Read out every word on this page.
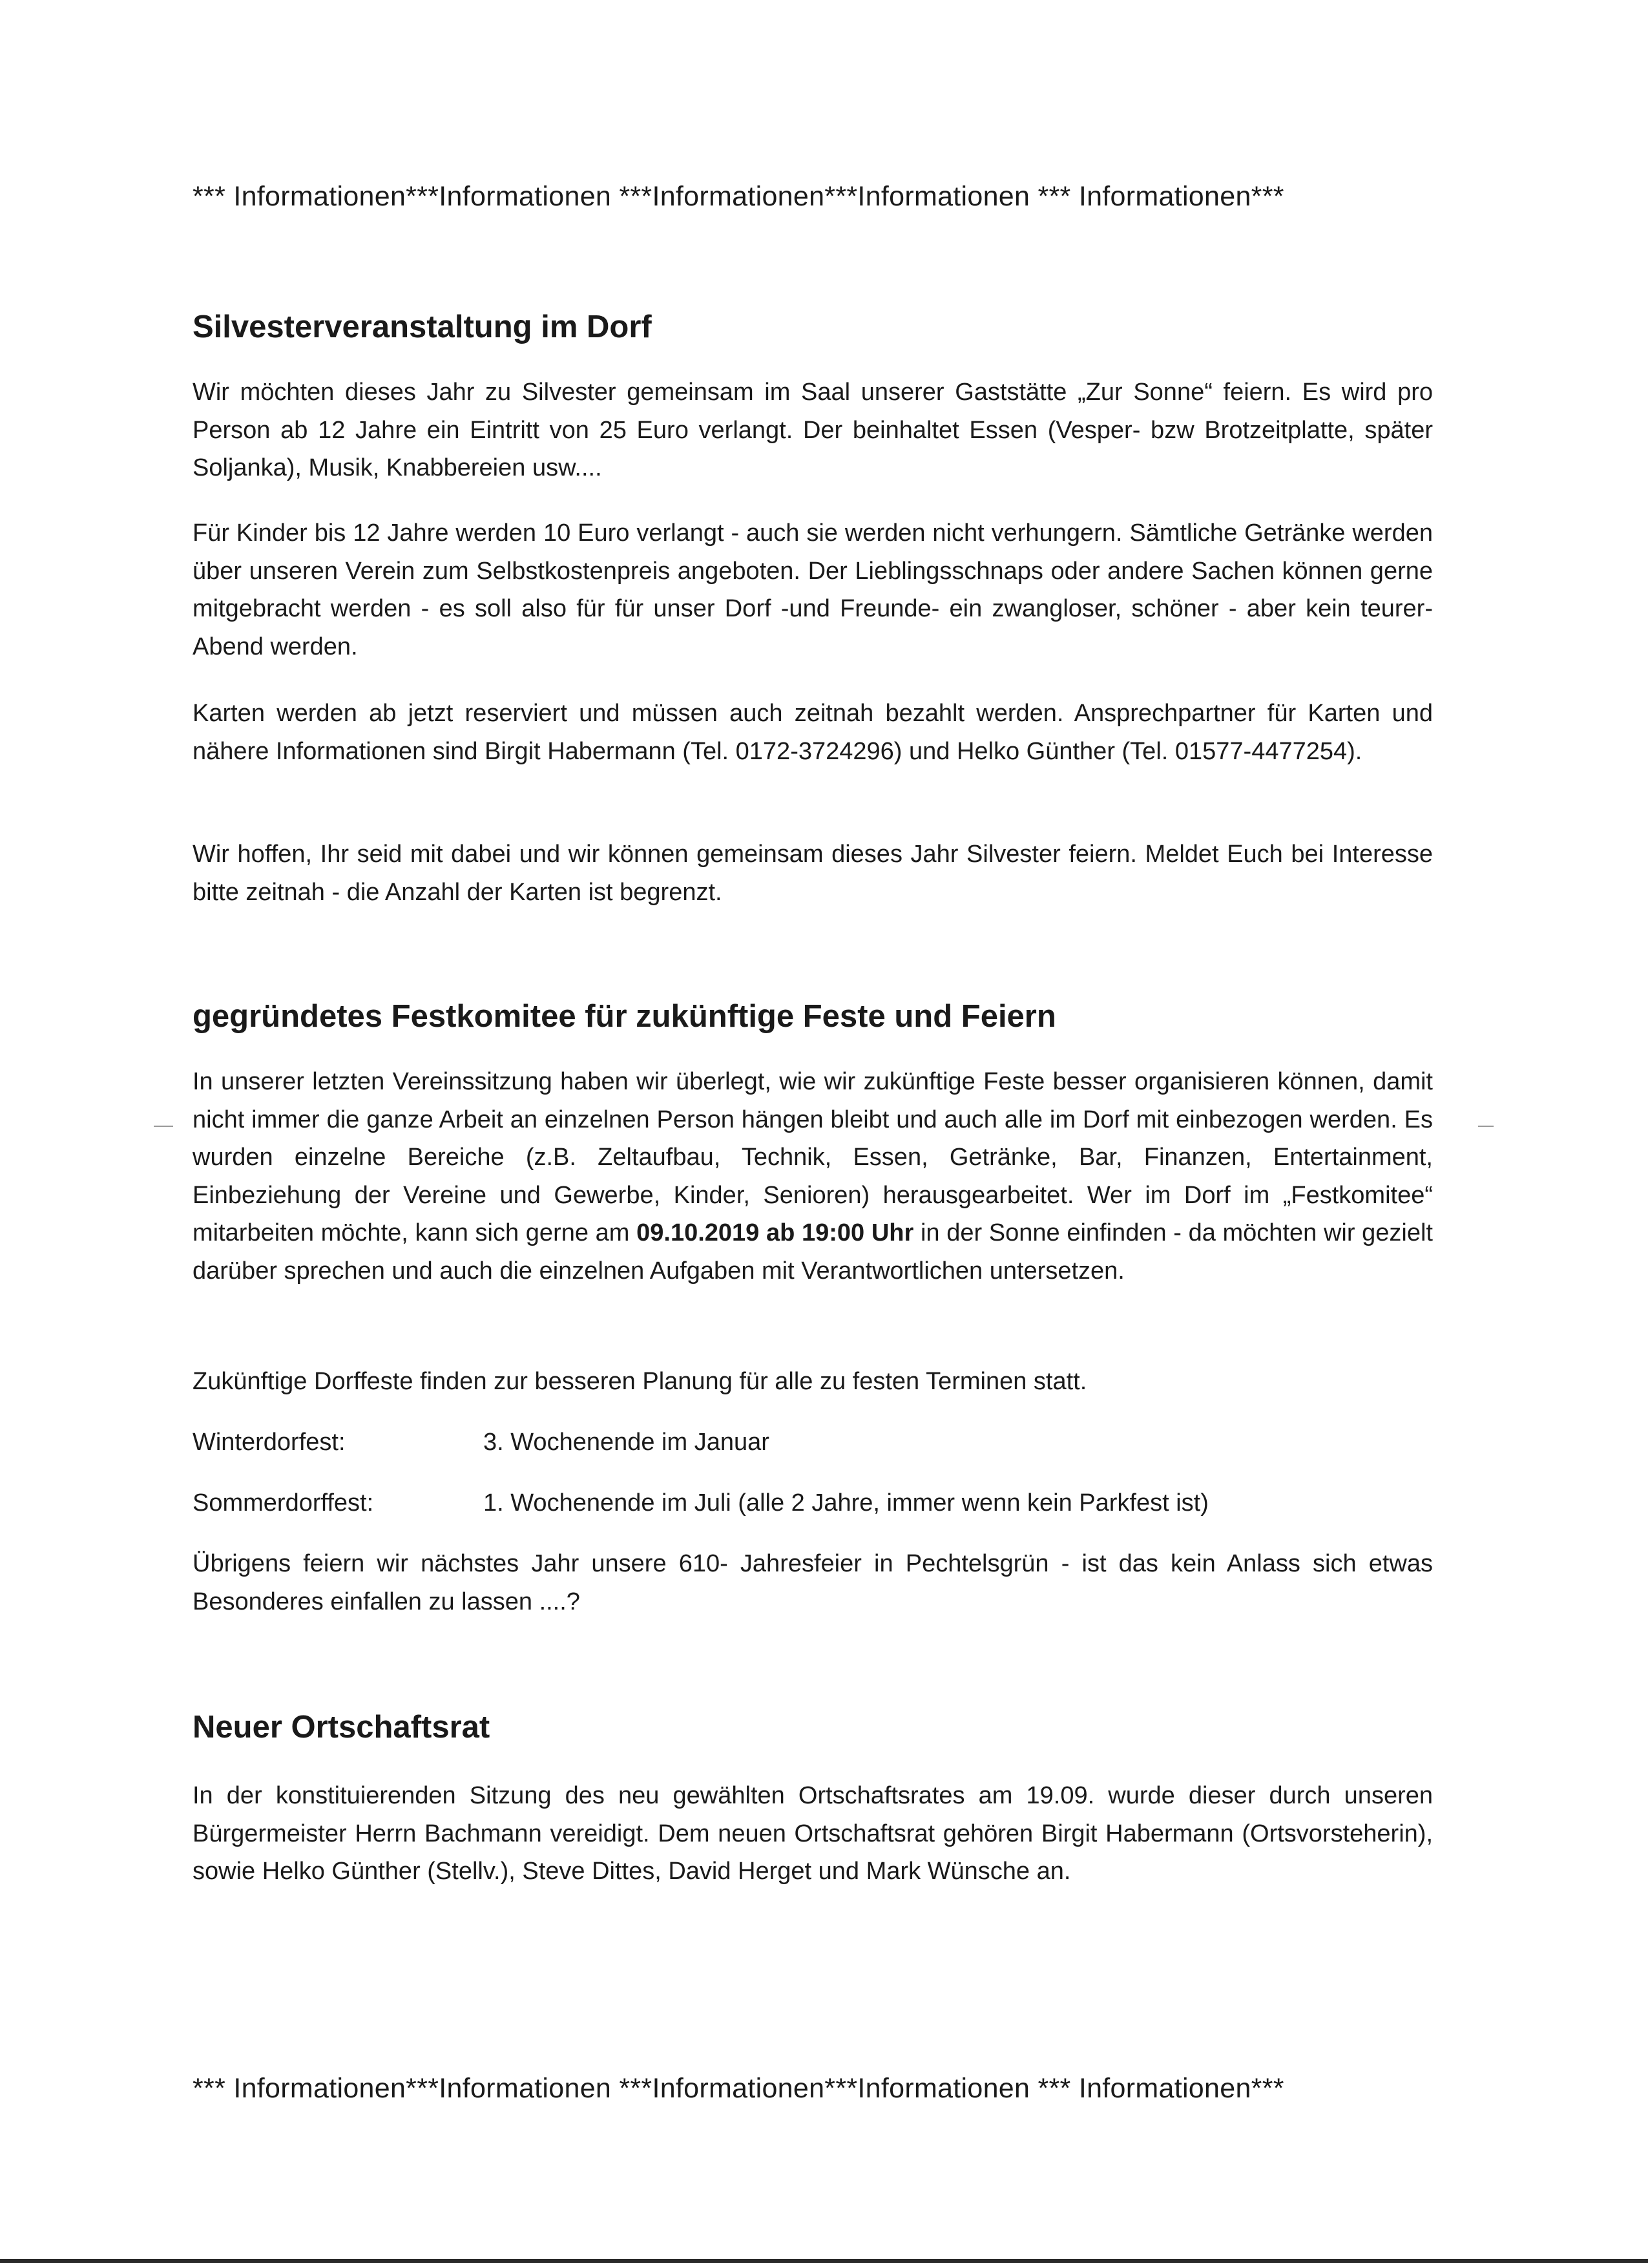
*** Informationen***Informationen ***Informationen***Informationen *** Informationen***
Silvesterveranstaltung im Dorf

Wir möchten dieses Jahr zu Silvester gemeinsam im Saal unserer Gaststätte „Zur Sonne“ feiern. Es wird pro Person ab 12 Jahre ein Eintritt von 25 Euro verlangt. Der beinhaltet Essen (Vesper- bzw Brotzeitplatte, später Soljanka), Musik, Knabbereien usw....

Für Kinder bis 12 Jahre werden 10 Euro verlangt - auch sie werden nicht verhungern. Sämtliche Getränke werden über unseren Verein zum Selbstkostenpreis angeboten. Der Lieblingsschnaps oder andere Sachen können gerne mitgebracht werden - es soll also für für unser Dorf -und Freunde- ein zwangloser, schöner - aber kein teurer- Abend werden.

Karten werden ab jetzt reserviert und müssen auch zeitnah bezahlt werden. Ansprechpartner für Karten und nähere Informationen sind Birgit Habermann (Tel. 0172-3724296) und Helko Günther (Tel. 01577-4477254).

Wir hoffen, Ihr seid mit dabei und wir können gemeinsam dieses Jahr Silvester feiern. Meldet Euch bei Interesse bitte zeitnah - die Anzahl der Karten ist begrenzt.

gegründetes Festkomitee für zukünftige Feste und Feiern

In unserer letzten Vereinssitzung haben wir überlegt, wie wir zukünftige Feste besser organisieren können, damit nicht immer die ganze Arbeit an einzelnen Person hängen bleibt und auch alle im Dorf mit einbezogen werden. Es wurden einzelne Bereiche (z.B. Zeltaufbau, Technik, Essen, Getränke, Bar, Finanzen, Entertainment, Einbeziehung der Vereine und Gewerbe, Kinder, Senioren) herausgearbeitet. Wer im Dorf im „Festkomitee“ mitarbeiten möchte, kann sich gerne am 09.10.2019 ab 19:00 Uhr in der Sonne einfinden - da möchten wir gezielt darüber sprechen und auch die einzelnen Aufgaben mit Verantwortlichen untersetzen.

Zukünftige Dorffeste finden zur besseren Planung für alle zu festen Terminen statt.

Winterdorfest:	3. Wochenende im Januar
Sommerdorffest:	1. Wochenende im Juli (alle 2 Jahre, immer wenn kein Parkfest ist)

Übrigens feiern wir nächstes Jahr unsere 610- Jahresfeier in Pechtelsgrün - ist das kein Anlass sich etwas Besonderes einfallen zu lassen ....?

Neuer Ortschaftsrat

In der konstituierenden Sitzung des neu gewählten Ortschaftsrates am 19.09. wurde dieser durch unseren Bürgermeister Herrn Bachmann vereidigt. Dem neuen Ortschaftsrat gehören Birgit Habermann (Ortsvorsteherin), sowie Helko Günther (Stellv.), Steve Dittes, David Herget und Mark Wünsche an.

*** Informationen***Informationen ***Informationen***Informationen *** Informationen***
